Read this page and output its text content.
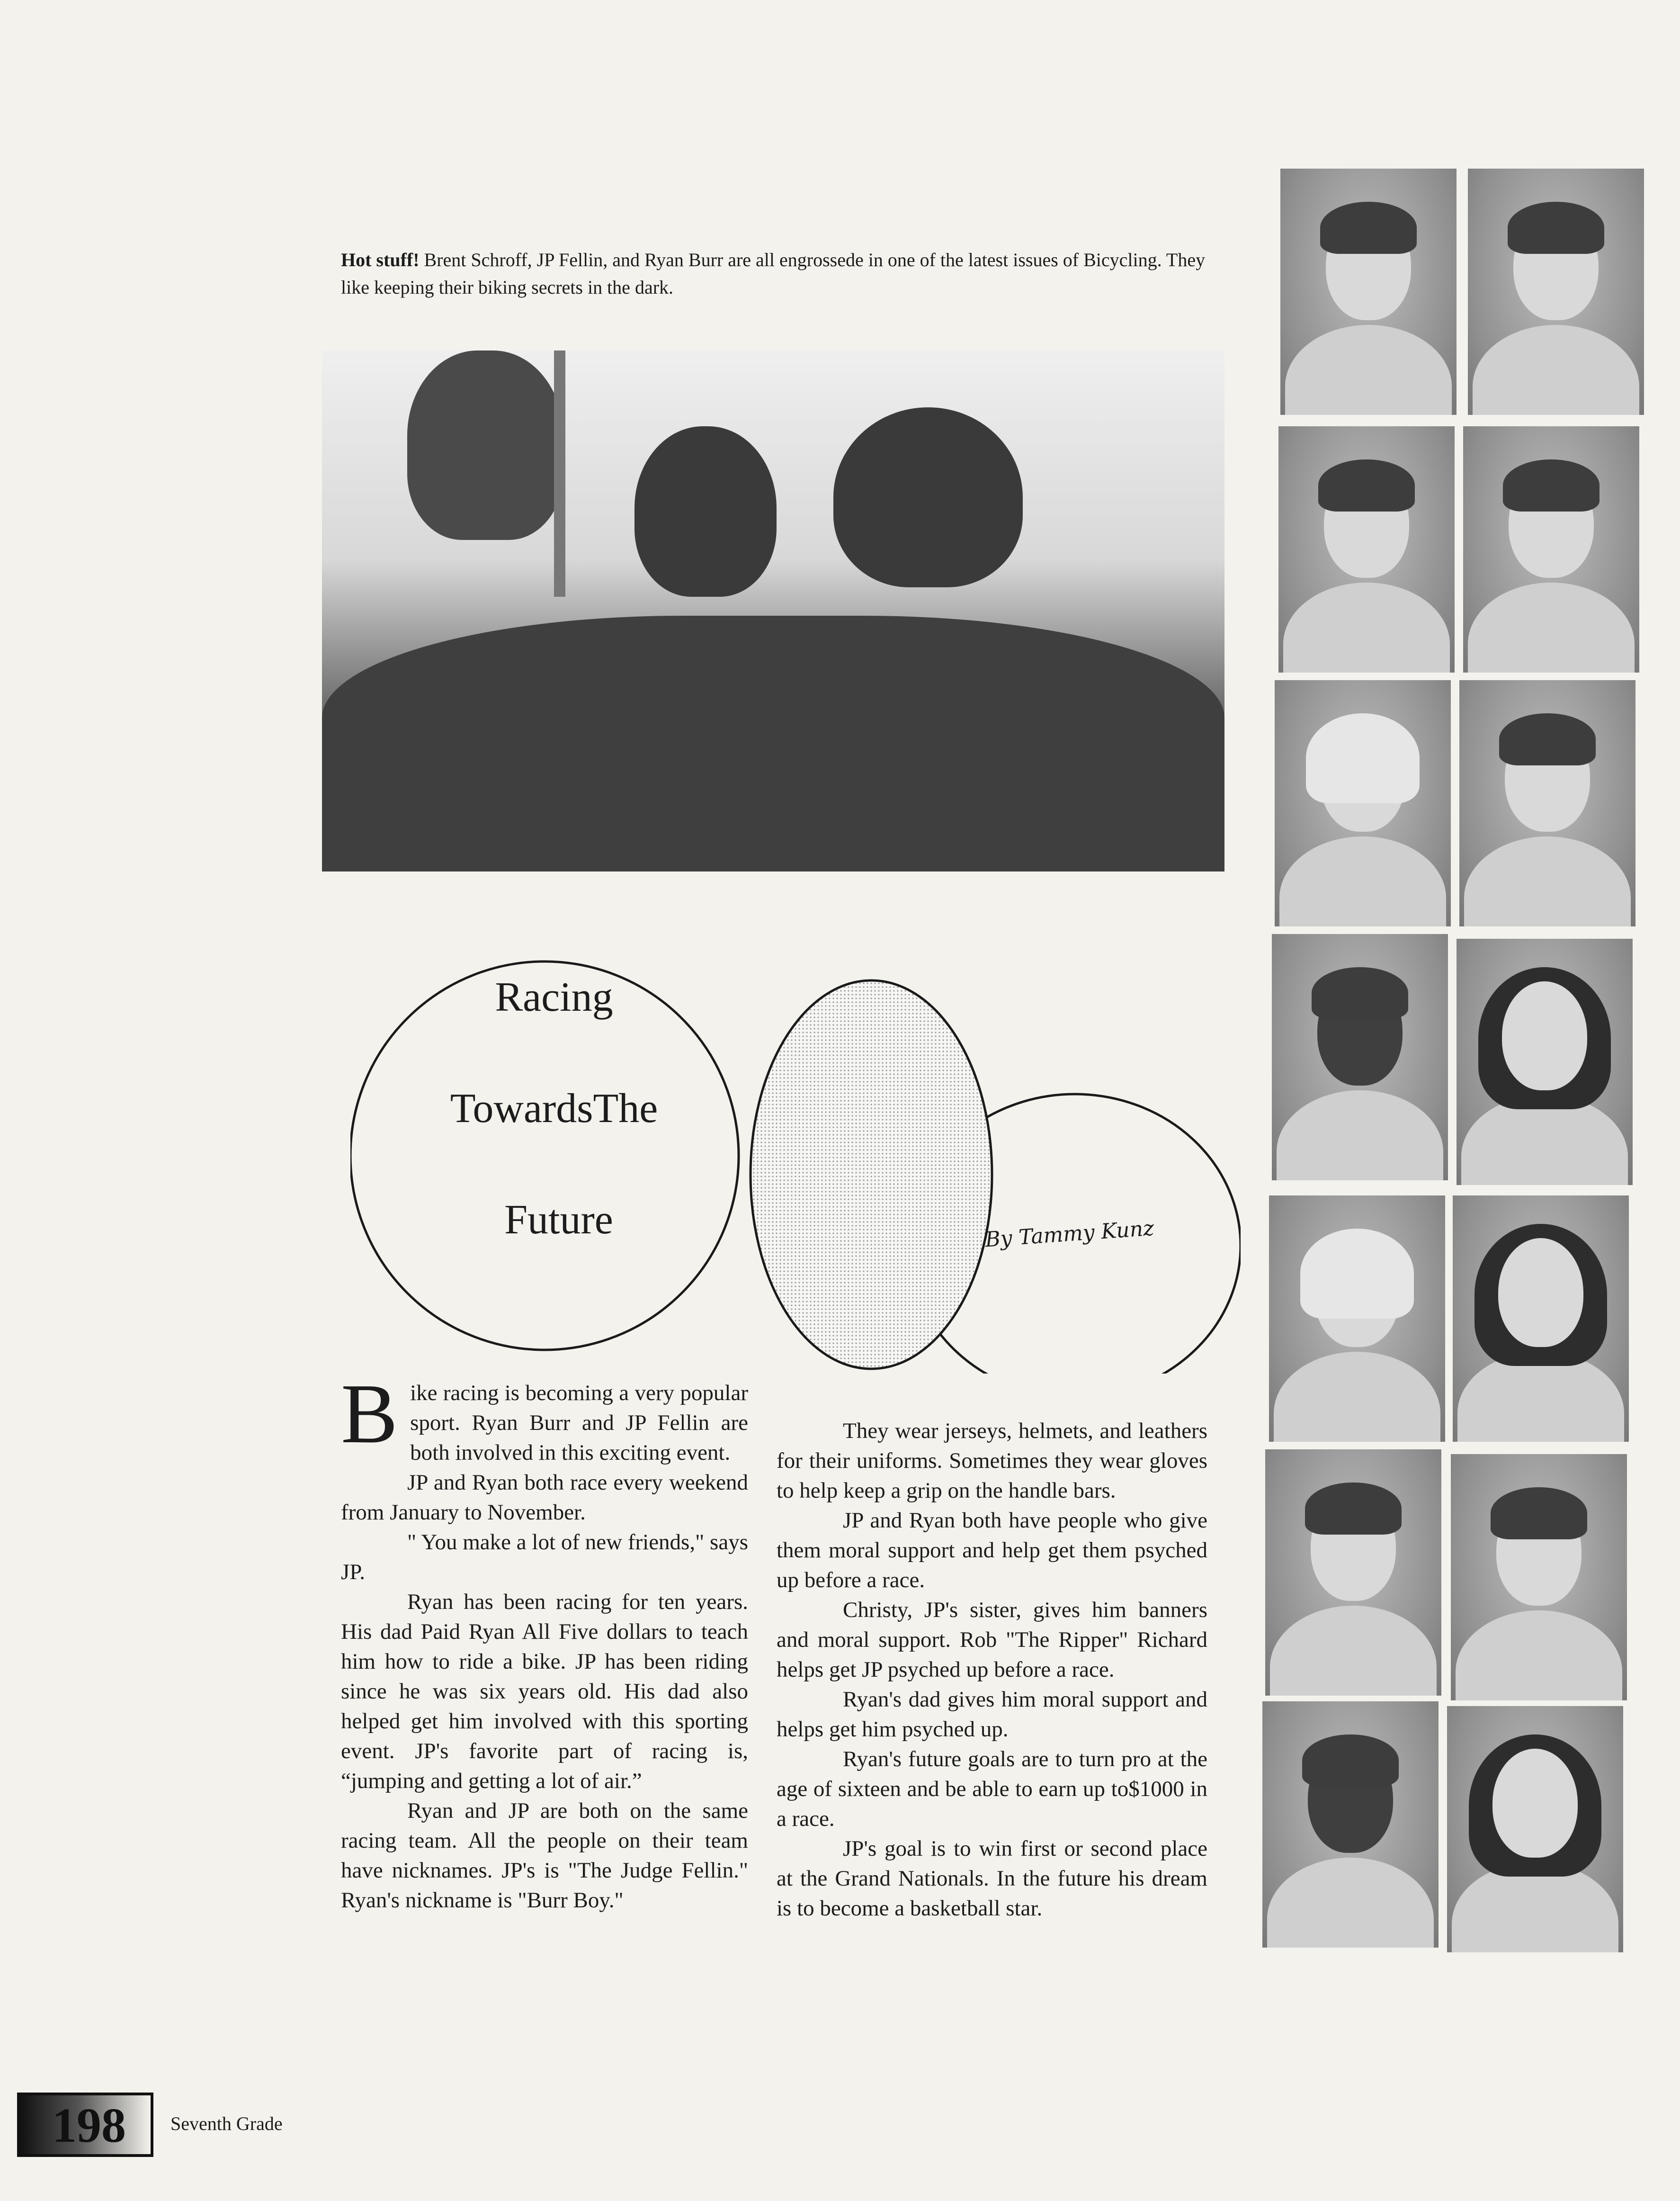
Hot stuff! Brent Schroff, JP Fellin, and Ryan Burr are all engrossede in one of the latest issues of Bicycling. They like keeping their biking secrets in the dark.
Racing
TowardsThe
Future	By Tammy Kunz

Bike racing is becoming a very popular sport. Ryan Burr and JP Fellin are both involved in this exciting event.

JP and Ryan both race every weekend from January to November.

" You make a lot of new friends," says JP.

Ryan has been racing for ten years. His dad Paid Ryan All Five dollars to teach him how to ride a bike. JP has been riding since he was six years old. His dad also helped get him involved with this sporting event. JP's favorite part of racing is, “jumping and getting a lot of air.”

Ryan and JP are both on the same racing team. All the people on their team have nicknames. JP's is "The Judge Fellin." Ryan's nickname is "Burr Boy."

They wear jerseys, helmets, and leathers for their uniforms. Sometimes they wear gloves to help keep a grip on the handle bars.

JP and Ryan both have people who give them moral support and help get them psyched up before a race.

Christy, JP's sister, gives him banners and moral support. Rob "The Ripper" Richard helps get JP psyched up before a race.

Ryan's dad gives him moral support and helps get him psyched up.

Ryan's future goals are to turn pro at the age of sixteen and be able to earn up to$1000 in a race.

JP's goal is to win first or second place at the Grand Nationals. In the future his dream is to become a basketball star.

198 Seventh Grade
